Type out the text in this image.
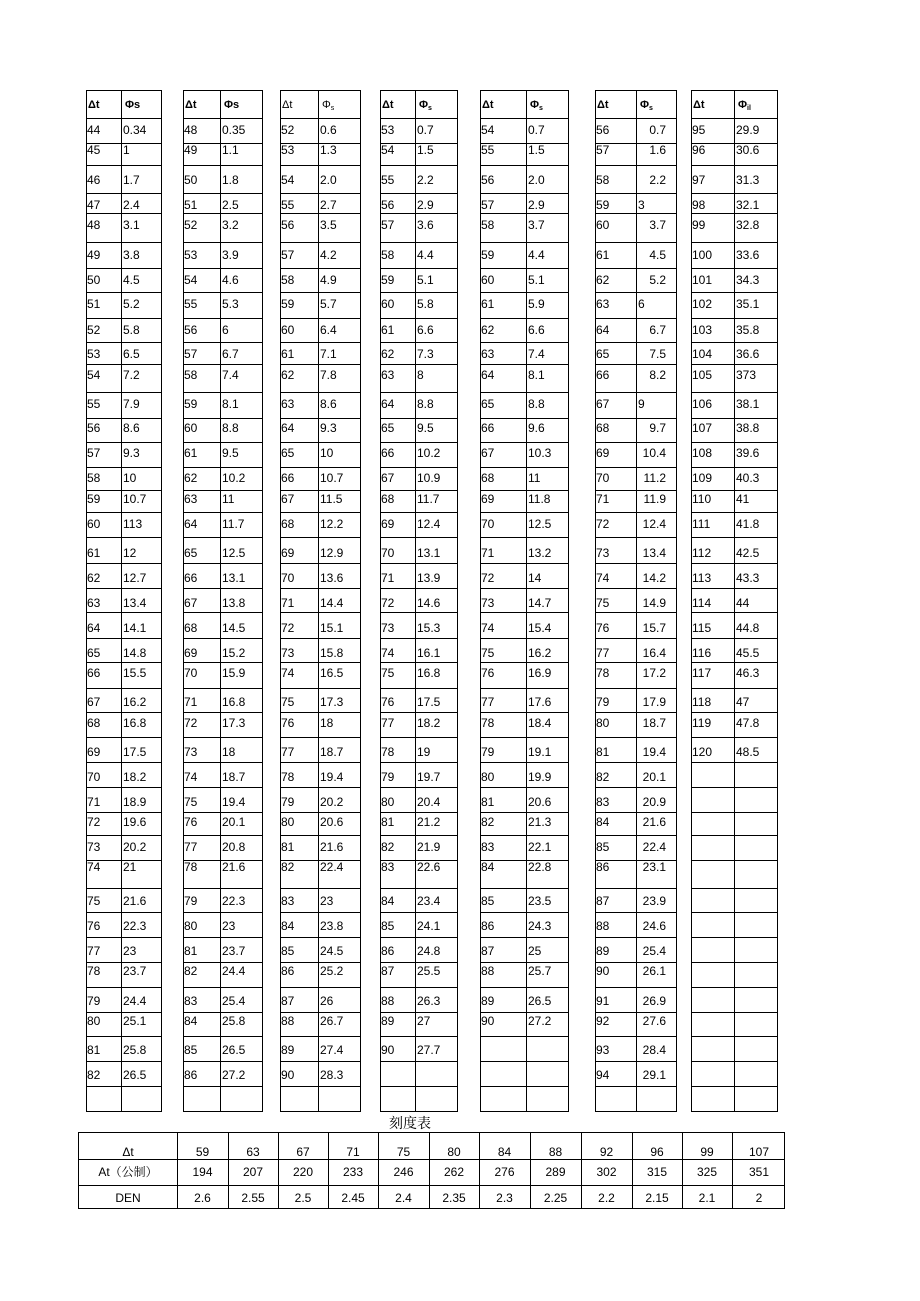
Δt Φs
44 0.34
45 1
46 1.7
47 2.4
48 3.1
49 3.8
50 4.5
51 5.2
52 5.8
53 6.5
54 7.2
55 7.9
56 8.6
57 9.3
58 10
59 10.7
60 113
61 12
62 12.7
63 13.4
64 14.1
65 14.8
66 15.5
67 16.2
68 16.8
69 17.5
70 18.2
71 18.9
72 19.6
73 20.2
74 21
75 21.6
76 22.3
77 23
78 23.7
79 24.4
80 25.1
81 25.8
82 26.5
Δt Φs
48 0.35
49 1.1
50 1.8
51 2.5
52 3.2
53 3.9
54 4.6
55 5.3
56 6
57 6.7
58 7.4
59 8.1
60 8.8
61 9.5
62 10.2
63 11
64 11.7
65 12.5
66 13.1
67 13.8
68 14.5
69 15.2
70 15.9
71 16.8
72 17.3
73 18
74 18.7
75 19.4
76 20.1
77 20.8
78 21.6
79 22.3
80 23
81 23.7
82 24.4
83 25.4
84 25.8
85 26.5
86 27.2
Δt	$\Phi_s$
52 0.6
53 1.3
54 2.0
55 2.7
56 3.5
57 4.2
58 4.9
59 5.7
60 6.4
61 7.1
62 7.8
63 8.6
64 9.3
65 10
66 10.7
67 11.5
68 12.2
69 12.9
70 13.6
71 14.4
72 15.1
73 15.8
74 16.5
75 17.3
76 18
77 18.7
78 19.4
79 20.2
80 20.6
81 21.6
82 22.4
83 23
84 23.8
85 24.5
86 25.2
87 26
88 26.7
89 27.4
90 28.3
Δt $\Phi_s$
53 0.7
54 1.5
55 2.2
56 2.9
57 3.6
58 4.4
59 5.1
60 5.8
61 6.6
62 7.3
63 8
64 8.8
65 9.5
66 10.2
67 10.9
68 11.7
69 12.4
70 13.1
71 13.9
72 14.6
73 15.3
74 16.1
75 16.8
76 17.5
77 18.2
78 19
79 19.7
80 20.4
81 21.2
82 21.9
83 22.6
84 23.4
85 24.1
86 24.8
87 25.5
88 26.3
89 27
90 27.7
Δt	$\Phi_s$
54	0.7
55	1.5
56	2.0
57	2.9
58	3.7
59	4.4
60	5.1
61	5.9
62	6.6
63	7.4
64	8.1
65	8.8
66	9.6
67	10.3
68	11
69	11.8
70	12.5
71	13.2
72	14
73	14.7
74	15.4
75	16.2
76	16.9
77	17.6
78	18.4
79	19.1
80	19.9
81	20.6
82	21.3
83	22.1
84	22.8
85	23.5
86	24.3
87	25
88	25.7
89	26.5
90	27.2
Δt	$\Phi_s$
56	0.7
57	1.6
58	2.2
59 3
60	3.7
61	4.5
62	5.2
63 6
64	6.7
65	7.5
66	8.2
67 9
68	9.7
69	10.4
70	11.2
71	11.9
72	12.4
73	13.4
74	14.2
75	14.9
76	15.7
77	16.4
78	17.2
79	17.9
80	18.7
81	19.4
82	20.1
83	20.9
84	21.6
85	22.4
86	23.1
87	23.9
88	24.6
89	25.4
90	26.1
91	26.9
92	27.6
93	28.4
94	29.1
Δt	$\Phi_{il}$
95	29.9
96	30.6
97	31.3
98	32.1
99	32.8
100 33.6
101 34.3
102 35.1
103 35.8
104 36.6
105 373
106 38.1
107 38.8
108 39.6
109 40.3
110 41
111 41.8
112 42.5
113 43.3
114 44
115 44.8
116 45.5
117 46.3
118 47
119 47.8
120 48.5
刻度表
Δt	59	63	67	71	75	80	84	88	92	96	99	107
At（公制）	194	207	220	233	246	262	276	289	302	315	325	351
DEN	2.6	2.55	2.5	2.45	2.4	2.35	2.3	2.25	2.2	2.15	2.1	2
